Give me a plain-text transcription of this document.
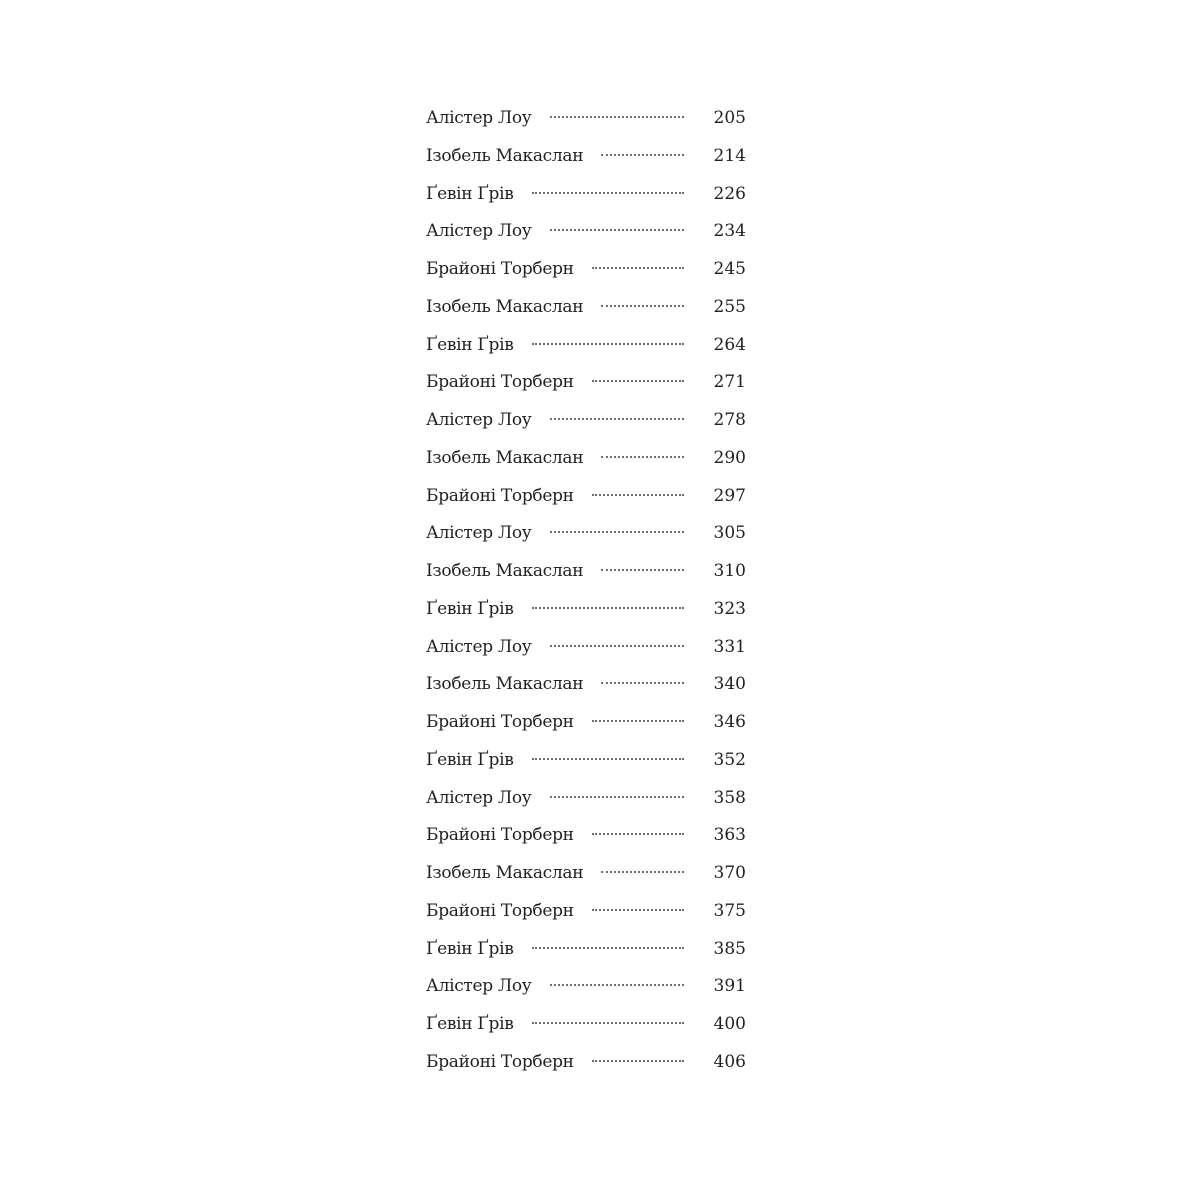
Алістер Лоу	205
Ізобель Макаслан	214
Ґевін Ґрів	226
Алістер Лоу	234
Брайоні Торберн	245
Ізобель Макаслан	255
Ґевін Ґрів	264
Брайоні Торберн	271
Алістер Лоу	278
Ізобель Макаслан	290
Брайоні Торберн	297
Алістер Лоу	305
Ізобель Макаслан	310
Ґевін Ґрів	323
Алістер Лоу	331
Ізобель Макаслан	340
Брайоні Торберн	346
Ґевін Ґрів	352
Алістер Лоу	358
Брайоні Торберн	363
Ізобель Макаслан	370
Брайоні Торберн	375
Ґевін Ґрів	385
Алістер Лоу	391
Ґевін Ґрів	400
Брайоні Торберн	406
